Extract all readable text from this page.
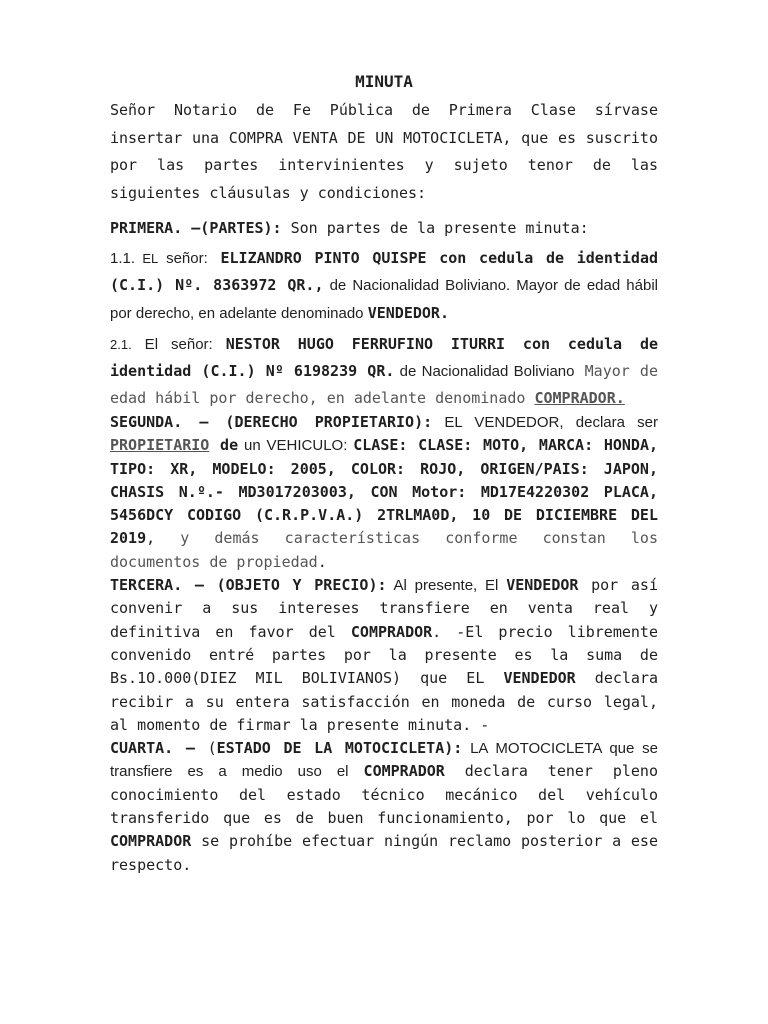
MINUTA

Señor Notario de Fe Pública de Primera Clase sírvase insertar una COMPRA VENTA DE UN MOTOCICLETA, que es suscrito por las partes intervinientes y sujeto tenor de las siguientes cláusulas y condiciones:

PRIMERA. –(PARTES): Son partes de la presente minuta:

1.1. EL señor: ELIZANDRO PINTO QUISPE con cedula de identidad (C.I.) Nº. 8363972 QR., de Nacionalidad Boliviano. Mayor de edad hábil por derecho, en adelante denominado VENDEDOR.

2.1. El señor: NESTOR HUGO FERRUFINO ITURRI con cedula de identidad (C.I.) Nº 6198239 QR. de Nacionalidad Boliviano Mayor de edad hábil por derecho, en adelante denominado COMPRADOR.

SEGUNDA. – (DERECHO PROPIETARIO): EL VENDEDOR, declara ser PROPIETARIO de un VEHICULO: CLASE: CLASE: MOTO, MARCA: HONDA, TIPO: XR, MODELO: 2005, COLOR: ROJO, ORIGEN/PAIS: JAPON, CHASIS N.º.- MD3017203003, CON Motor: MD17E4220302 PLACA, 5456DCY CODIGO (C.R.P.V.A.) 2TRLMA0D, 10 DE DICIEMBRE DEL 2019, y demás características conforme constan los documentos de propiedad.

TERCERA. – (OBJETO Y PRECIO): Al presente, El VENDEDOR por así convenir a sus intereses transfiere en venta real y definitiva en favor del COMPRADOR. -El precio libremente convenido entré partes por la presente es la suma de Bs.1O.000(DIEZ MIL BOLIVIANOS) que EL VENDEDOR declara recibir a su entera satisfacción en moneda de curso legal, al momento de firmar la presente minuta. -

CUARTA. – (ESTADO DE LA MOTOCICLETA): LA MOTOCICLETA que se transfiere es a medio uso el COMPRADOR declara tener pleno conocimiento del estado técnico mecánico del vehículo transferido que es de buen funcionamiento, por lo que el COMPRADOR se prohíbe efectuar ningún reclamo posterior a ese respecto.
